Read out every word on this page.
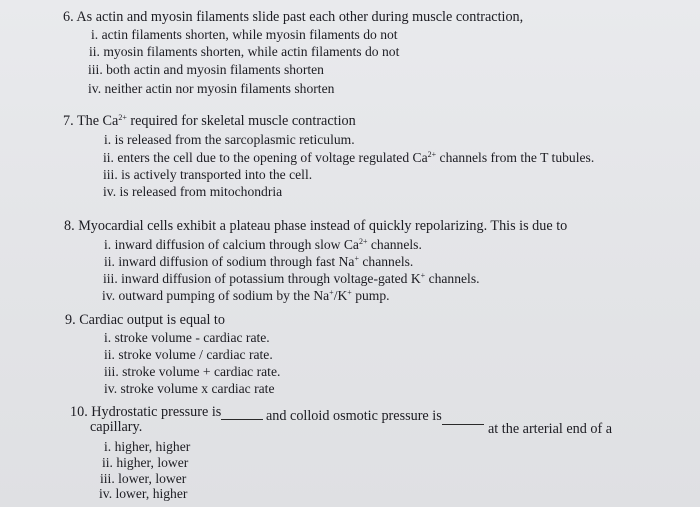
6. As actin and myosin filaments slide past each other during muscle contraction,
i. actin filaments shorten, while myosin filaments do not
ii. myosin filaments shorten, while actin filaments do not
iii. both actin and myosin filaments shorten
iv. neither actin nor myosin filaments shorten
7. The $Ca^{2+}$ required for skeletal muscle contraction
i. is released from the sarcoplasmic reticulum.
ii. enters the cell due to the opening of voltage regulated $Ca^{2+}$ channels from the T tubules.
iii. is actively transported into the cell.
iv. is released from mitochondria
8. Myocardial cells exhibit a plateau phase instead of quickly repolarizing. This is due to
i. inward diffusion of calcium through slow $Ca^{2+}$ channels.
ii. inward diffusion of sodium through fast Na+ channels.
iii. inward diffusion of potassium through voltage-gated K+ channels.
iv. outward pumping of sodium by the Na+/K+ pump.
9. Cardiac output is equal to
i. stroke volume - cardiac rate.
ii. stroke volume / cardiac rate.
iii. stroke volume + cardiac rate.
iv. stroke volume x cardiac rate
10. Hydrostatic pressure is	and colloid osmotic pressure is
at the arterial end of a
capillary.
i. higher, higher
ii. higher, lower
iii. lower, lower
iv. lower, higher
